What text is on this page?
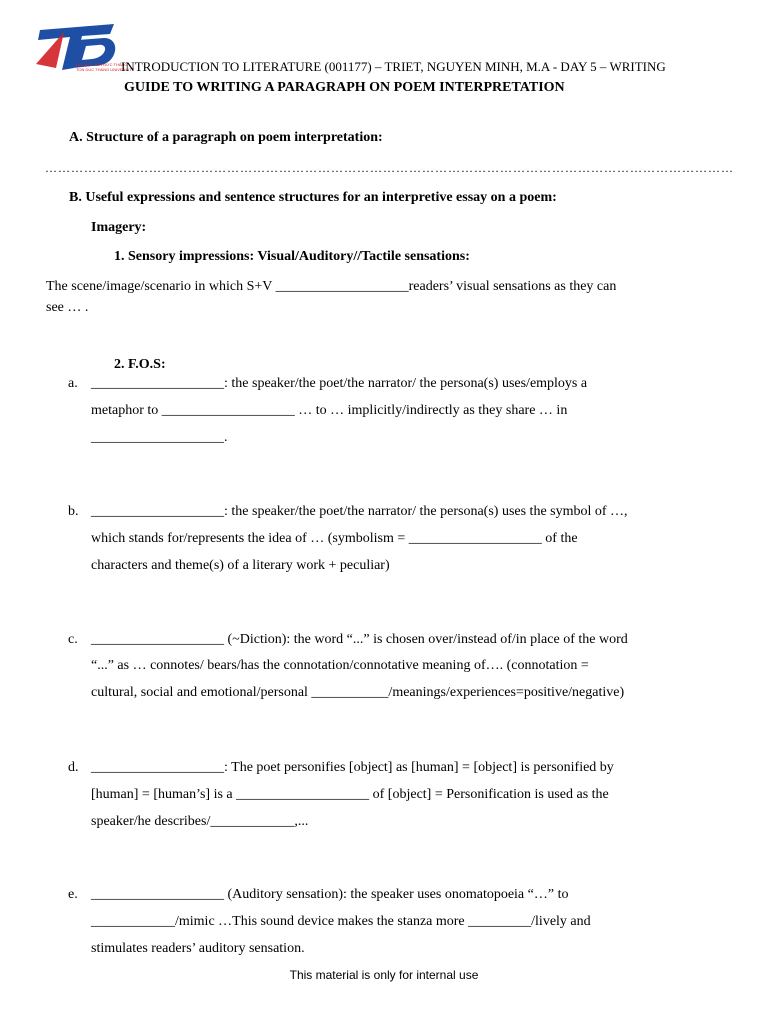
ĐẠI HỌC TÔN ĐỨC THẮNG
TON DUC THANG UNIVERSITY
INTRODUCTION TO LITERATURE (001177) – TRIET, NGUYEN MINH, M.A - DAY 5 – WRITING
GUIDE TO WRITING A PARAGRAPH ON POEM INTERPRETATION
A. Structure of a paragraph on poem interpretation:
……………………………………………………………………………………………………………………………………………
B. Useful expressions and sentence structures for an interpretive essay on a poem:
Imagery:
1. Sensory impressions: Visual/Auditory//Tactile sensations:
The scene/image/scenario in which S+V ___________________readers’ visual sensations as they can
see … .
2. F.O.S:
a. ___________________: the speaker/the poet/the narrator/ the persona(s) uses/employs a
metaphor to ___________________ … to … implicitly/indirectly as they share … in
___________________.
b. ___________________: the speaker/the poet/the narrator/ the persona(s) uses the symbol of …,
which stands for/represents the idea of … (symbolism = ___________________ of the
characters and theme(s) of a literary work + peculiar)
c. ___________________ (~Diction): the word “...” is chosen over/instead of/in place of the word
“...” as … connotes/ bears/has the connotation/connotative meaning of…. (connotation =
cultural, social and emotional/personal ___________/meanings/experiences=positive/negative)
d. ___________________: The poet personifies [object] as [human] = [object] is personified by
[human] = [human’s] is a ___________________ of [object] = Personification is used as the
speaker/he describes/____________,...
e. ___________________ (Auditory sensation): the speaker uses onomatopoeia “…” to
____________/mimic …This sound device makes the stanza more _________/lively and
stimulates readers’ auditory sensation.
This material is only for internal use
